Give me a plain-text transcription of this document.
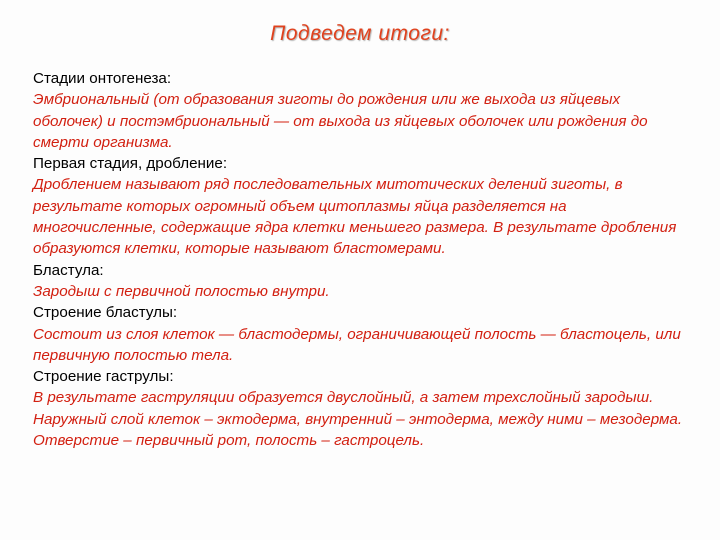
Подведем итоги:
Стадии онтогенеза:
Эмбриональный (от образования зиготы до рождения или же выхода из яйцевых оболочек) и постэмбриональный — от выхода из яйцевых оболочек или рождения до смерти организма.
Первая стадия, дробление:
Дроблением называют ряд последовательных митотических делений зиготы, в результате которых огромный объем цитоплазмы яйца разделяется на многочисленные, содержащие ядра клетки меньшего размера. В результате дробления образуются клетки, которые называют бластомерами.
Бластула:
Зародыш с первичной полостью внутри.
Строение бластулы:
Состоит из слоя клеток — бластодермы, ограничивающей полость — бластоцель, или первичную полостью тела.
Строение гаструлы:
В результате гаструляции образуется двуслойный, а затем трехслойный зародыш. Наружный слой клеток – эктодерма, внутренний – энтодерма, между ними – мезодерма. Отверстие – первичный рот, полость – гастроцель.
